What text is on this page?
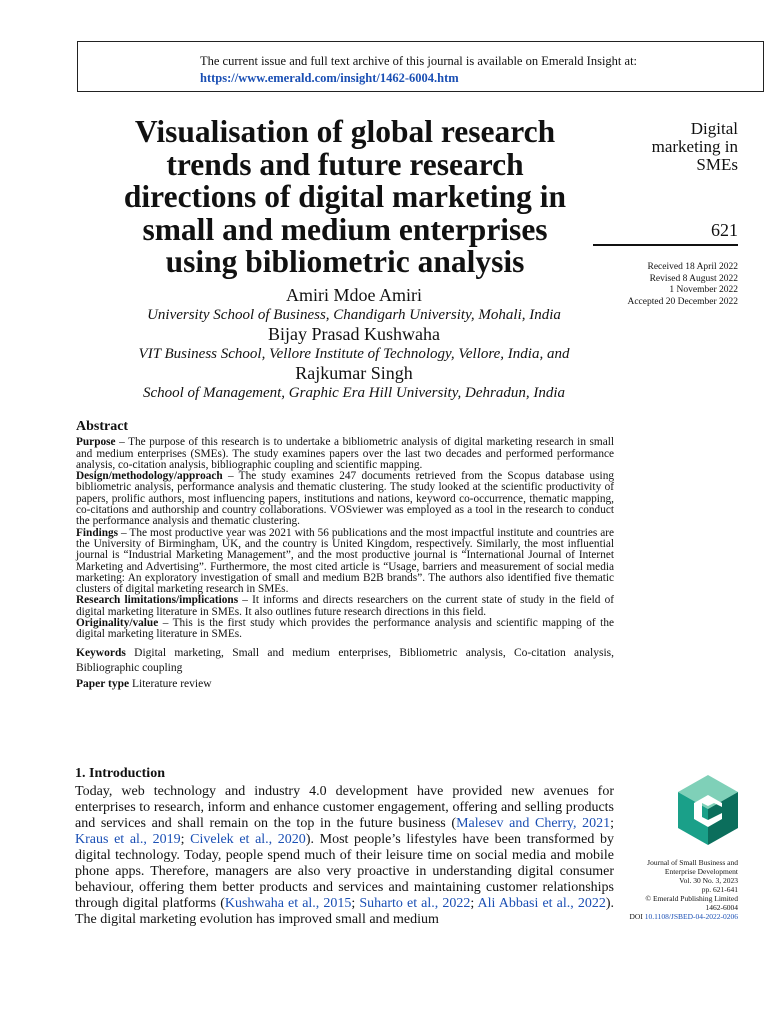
The current issue and full text archive of this journal is available on Emerald Insight at:
https://www.emerald.com/insight/1462-6004.htm
Visualisation of global research
trends and future research
directions of digital marketing in
small and medium enterprises
using bibliometric analysis
Amiri Mdoe Amiri
University School of Business, Chandigarh University, Mohali, India
Bijay Prasad Kushwaha
VIT Business School, Vellore Institute of Technology, Vellore, India, and
Rajkumar Singh
School of Management, Graphic Era Hill University, Dehradun, India
Digital
marketing in
SMEs
621
Received 18 April 2022
Revised 8 August 2022
1 November 2022
Accepted 20 December 2022
Abstract

Purpose – The purpose of this research is to undertake a bibliometric analysis of digital marketing research in small and medium enterprises (SMEs). The study examines papers over the last two decades and performed performance analysis, co-citation analysis, bibliographic coupling and scientific mapping.

Design/methodology/approach – The study examines 247 documents retrieved from the Scopus database using bibliometric analysis, performance analysis and thematic clustering. The study looked at the scientific productivity of papers, prolific authors, most influencing papers, institutions and nations, keyword co-occurrence, thematic mapping, co-citations and authorship and country collaborations. VOSviewer was employed as a tool in the research to conduct the performance analysis and thematic clustering.

Findings – The most productive year was 2021 with 56 publications and the most impactful institute and countries are the University of Birmingham, UK, and the country is United Kingdom, respectively. Similarly, the most influential journal is “Industrial Marketing Management”, and the most productive journal is “International Journal of Internet Marketing and Advertising”. Furthermore, the most cited article is “Usage, barriers and measurement of social media marketing: An exploratory investigation of small and medium B2B brands”. The authors also identified five thematic clusters of digital marketing research in SMEs.

Research limitations/implications – It informs and directs researchers on the current state of study in the field of digital marketing literature in SMEs. It also outlines future research directions in this field.

Originality/value – This is the first study which provides the performance analysis and scientific mapping of the digital marketing literature in SMEs.

Keywords Digital marketing, Small and medium enterprises, Bibliometric analysis, Co-citation analysis, Bibliographic coupling

Paper type Literature review

1. Introduction

Today, web technology and industry 4.0 development have provided new avenues for enterprises to research, inform and enhance customer engagement, offering and selling products and services and shall remain on the top in the future business (Malesev and Cherry, 2021; Kraus et al., 2019; Civelek et al., 2020). Most people’s lifestyles have been transformed by digital technology. Today, people spend much of their leisure time on social media and mobile phone apps. Therefore, managers are also very proactive in understanding digital consumer behaviour, offering them better products and services and maintaining customer relationships through digital platforms (Kushwaha et al., 2015; Suharto et al., 2022; Ali Abbasi et al., 2022). The digital marketing evolution has improved small and medium

Journal of Small Business and
Enterprise Development
Vol. 30 No. 3, 2023
pp. 621-641
© Emerald Publishing Limited
1462-6004
DOI 10.1108/JSBED-04-2022-0206
